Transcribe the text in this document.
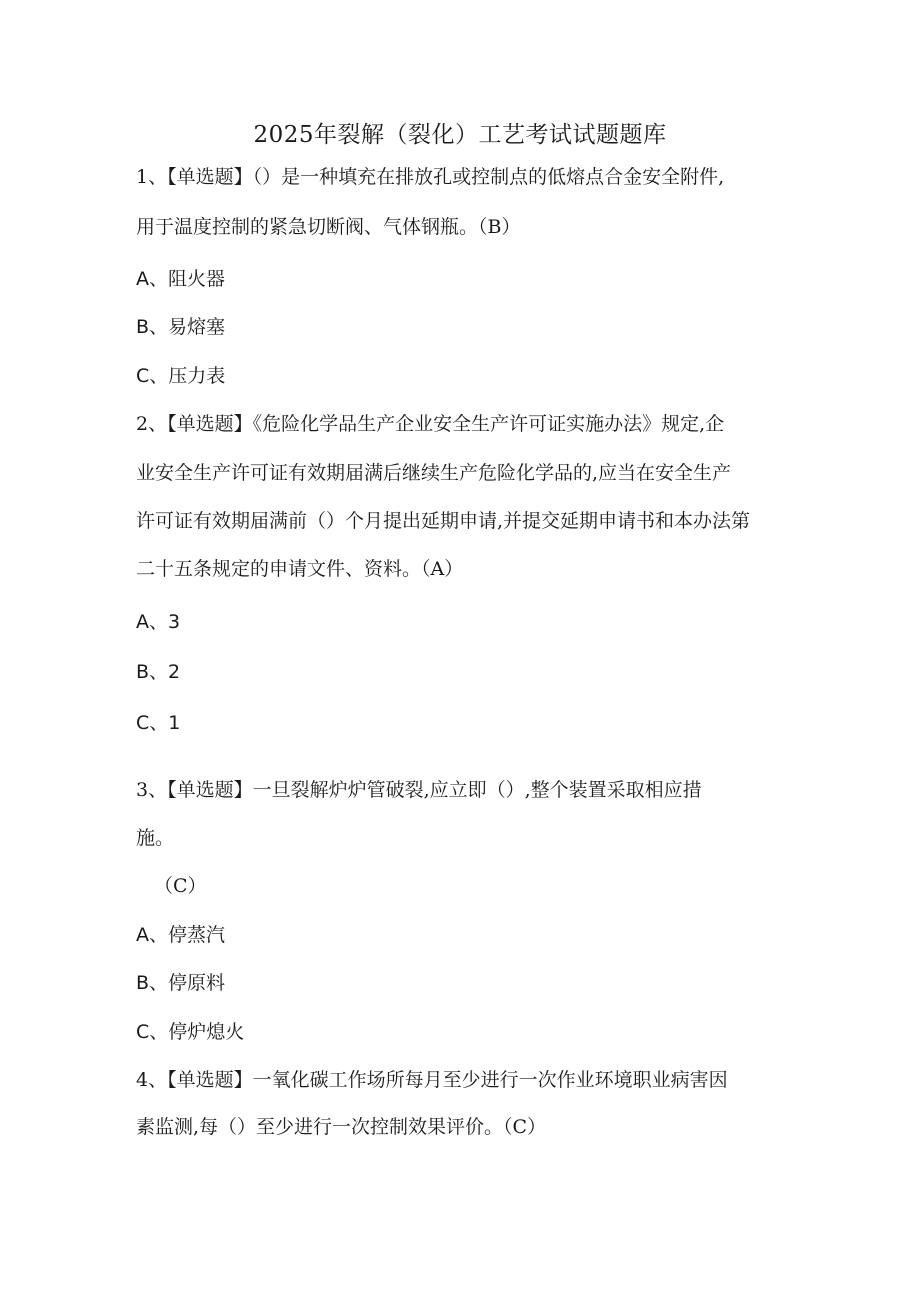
2025年裂解（裂化）工艺考试试题题库
1、【单选题】（）是一种填充在排放孔或控制点的低熔点合金安全附件,
用于温度控制的紧急切断阀、气体钢瓶。（B）
A、阻火器
B、易熔塞
C、压力表
2、【单选题】《危险化学品生产企业安全生产许可证实施办法》规定,企
业安全生产许可证有效期届满后继续生产危险化学品的,应当在安全生产
许可证有效期届满前（）个月提出延期申请,并提交延期申请书和本办法第
二十五条规定的申请文件、资料。（A）
A、3
B、2
C、1
3、【单选题】一旦裂解炉炉管破裂,应立即（）,整个装置采取相应措
施。
（C）
A、停蒸汽
B、停原料
C、停炉熄火
4、【单选题】一氧化碳工作场所每月至少进行一次作业环境职业病害因
素监测,每（）至少进行一次控制效果评价。（C）
